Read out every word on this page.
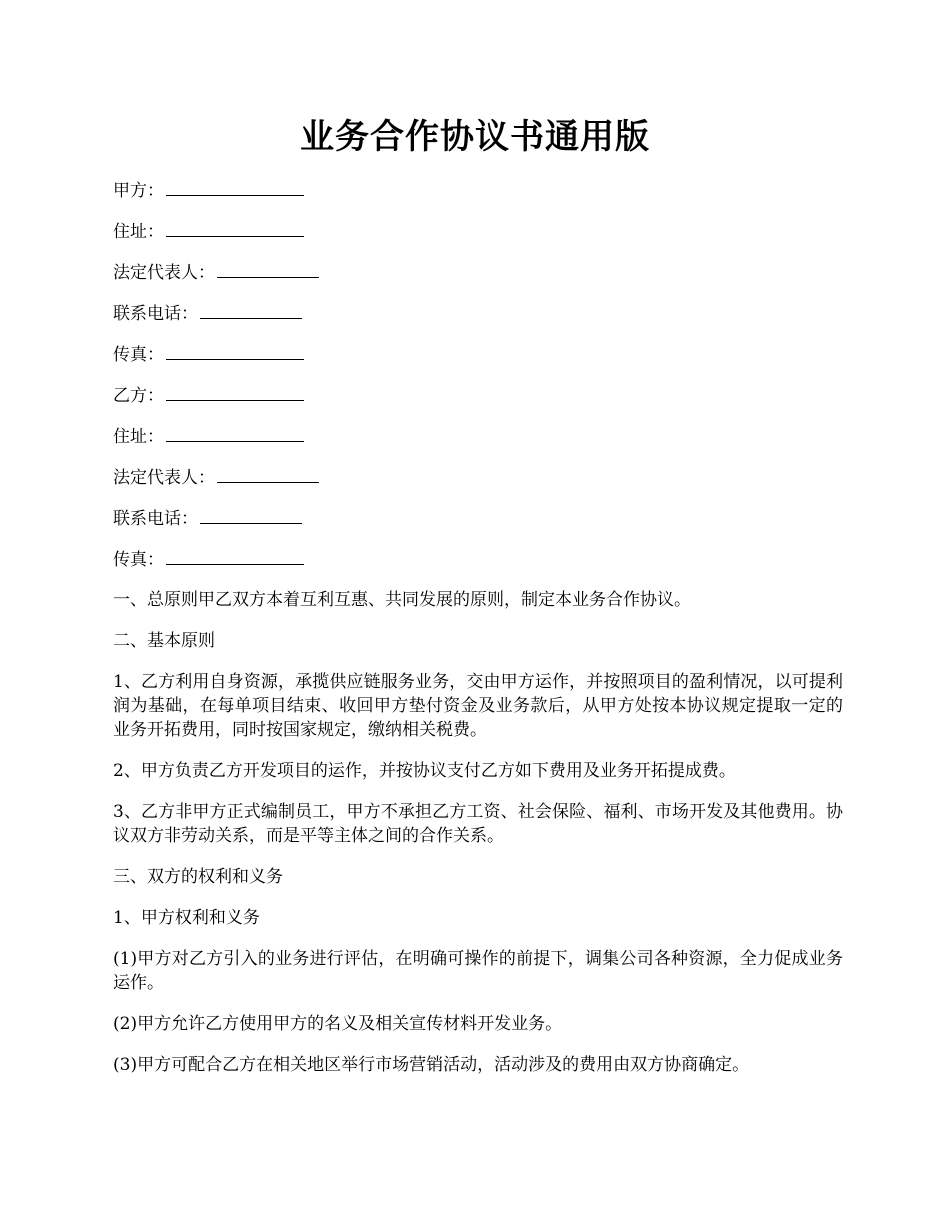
业务合作协议书通用版
甲方：
住址：
法定代表人：
联系电话：
传真：
乙方：
住址：
法定代表人：
联系电话：
传真：

一、总原则甲乙双方本着互利互惠、共同发展的原则，制定本业务合作协议。

二、基本原则

1、乙方利用自身资源，承揽供应链服务业务，交由甲方运作，并按照项目的盈利情况，以可提利润为基础，在每单项目结束、收回甲方垫付资金及业务款后，从甲方处按本协议规定提取一定的业务开拓费用，同时按国家规定，缴纳相关税费。

2、甲方负责乙方开发项目的运作，并按协议支付乙方如下费用及业务开拓提成费。

3、乙方非甲方正式编制员工，甲方不承担乙方工资、社会保险、福利、市场开发及其他费用。协议双方非劳动关系，而是平等主体之间的合作关系。

三、双方的权利和义务

1、甲方权利和义务

(1)甲方对乙方引入的业务进行评估，在明确可操作的前提下，调集公司各种资源，全力促成业务运作。

(2)甲方允许乙方使用甲方的名义及相关宣传材料开发业务。

(3)甲方可配合乙方在相关地区举行市场营销活动，活动涉及的费用由双方协商确定。
